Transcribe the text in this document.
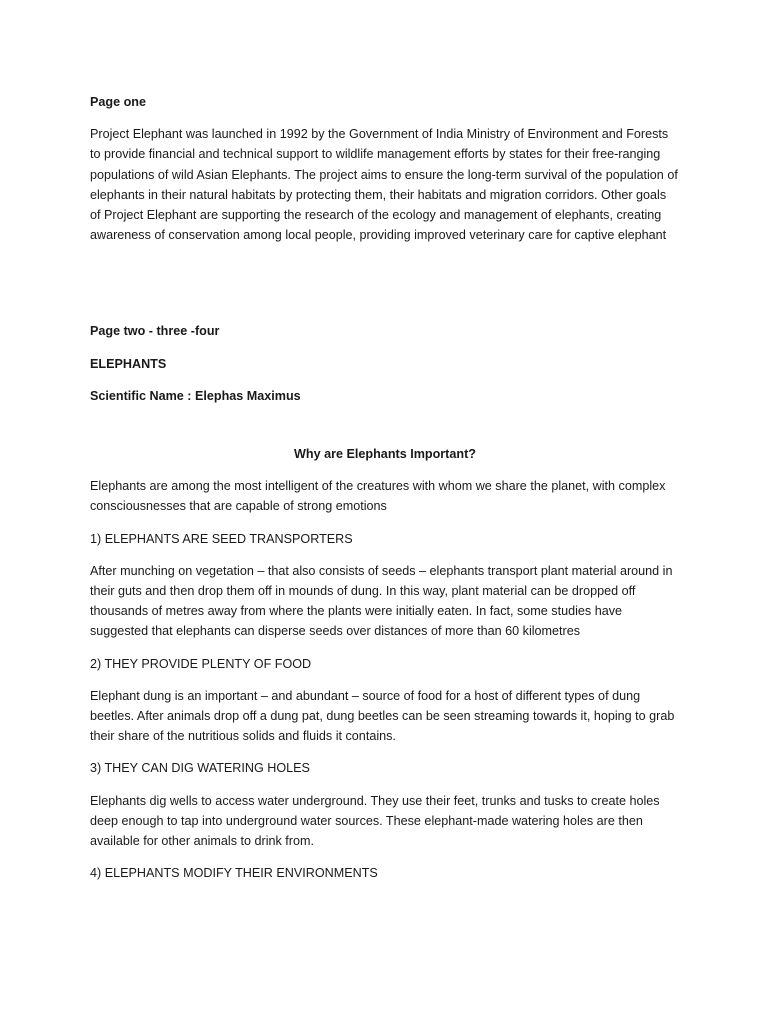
Page one

Project Elephant was launched in 1992 by the Government of India Ministry of Environment and Forests to provide financial and technical support to wildlife management efforts by states for their free-ranging populations of wild Asian Elephants. The project aims to ensure the long-term survival of the population of elephants in their natural habitats by protecting them, their habitats and migration corridors. Other goals of Project Elephant are supporting the research of the ecology and management of elephants, creating awareness of conservation among local people, providing improved veterinary care for captive elephant

Page two - three -four

ELEPHANTS

Scientific Name : Elephas Maximus

Why are Elephants Important?

Elephants are among the most intelligent of the creatures with whom we share the planet, with complex consciousnesses that are capable of strong emotions

1) ELEPHANTS ARE SEED TRANSPORTERS

After munching on vegetation – that also consists of seeds – elephants transport plant material around in their guts and then drop them off in mounds of dung. In this way, plant material can be dropped off thousands of metres away from where the plants were initially eaten. In fact, some studies have suggested that elephants can disperse seeds over distances of more than 60 kilometres

2) THEY PROVIDE PLENTY OF FOOD

Elephant dung is an important – and abundant – source of food for a host of different types of dung beetles. After animals drop off a dung pat, dung beetles can be seen streaming towards it, hoping to grab their share of the nutritious solids and fluids it contains.

3) THEY CAN DIG WATERING HOLES

Elephants dig wells to access water underground. They use their feet, trunks and tusks to create holes deep enough to tap into underground water sources. These elephant-made watering holes are then available for other animals to drink from.

4) ELEPHANTS MODIFY THEIR ENVIRONMENTS
